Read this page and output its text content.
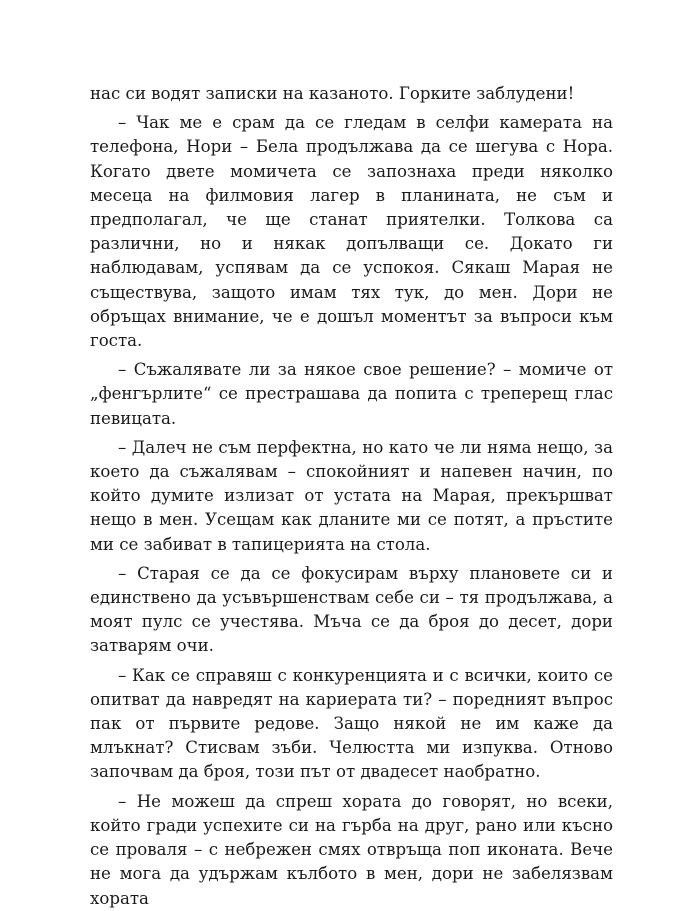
нас си водят записки на казаното. Горките заблудени!

– Чак ме е срам да се гледам в селфи камерата на телефона, Нори – Бела продължава да се шегува с Нора. Когато двете момичета се запознаха преди няколко месеца на филмовия лагер в планината, не съм и предполагал, че ще станат приятелки. Толкова са различни, но и някак допълващи се. Докато ги наблюдавам, успявам да се успокоя. Сякаш Марая не съществува, защото имам тях тук, до мен. Дори не обръщах внимание, че е дошъл моментът за въпроси към госта.

– Съжалявате ли за някое свое решение? – момиче от „фенгърлите“ се престрашава да попита с треперещ глас певицата.

– Далеч не съм перфектна, но като че ли няма нещо, за което да съжалявам – спокойният и напевен начин, по който думите излизат от устата на Марая, прекършват нещо в мен. Усещам как дланите ми се потят, а пръстите ми се забиват в тапицерията на стола.

– Старая се да се фокусирам върху плановете си и единствено да усъвършенствам себе си – тя продължава, а моят пулс се учестява. Мъча се да броя до десет, дори затварям очи.

– Как се справяш с конкуренцията и с всички, които се опитват да навредят на кариерата ти? – поредният въпрос пак от първите редове. Защо някой не им каже да млъкнат? Стисвам зъби. Челюстта ми изпуква. Отново започвам да броя, този път от двадесет наобратно.

– Не можеш да спреш хората до говорят, но всеки, който гради успехите си на гърба на друг, рано или късно се проваля – с небрежен смях отвръща поп иконата. Вече не мога да удържам кълбото в мен, дори не забелязвам хората
